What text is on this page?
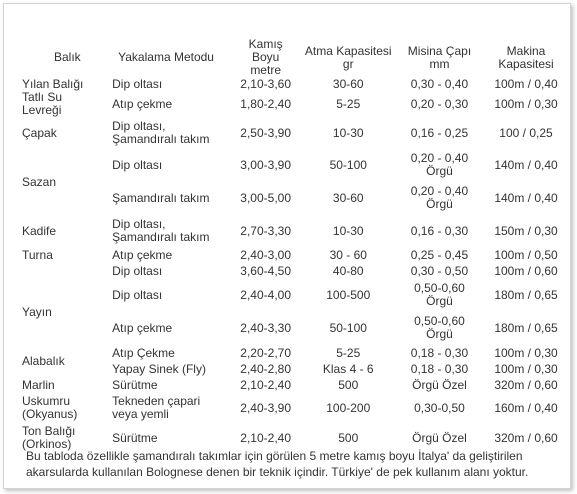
Balık	Yakalama Metodu	Kamış Boyu metre	Atma Kapasitesi gr	Misina Çapı mm	Makina Kapasitesi
Yılan Balığı	Dip oltası	2,10-3,60	30-60	0,30 - 0,40	100m / 0,40
Tatlı Su Levreği	Atıp çekme	1,80-2,40	5-25	0,20 - 0,30	100m / 0,30
Çapak	Dip oltası, Şamandıralı takım	2,50-3,90	10-30	0,16 - 0,25	100 / 0,25
Sazan	Dip oltası	3,00-3,90	50-100	0,20 - 0,40 Örgü	140m / 0,40
	Şamandıralı takım	3,00-5,00	30-60	0,20 - 0,40 Örgü	140m / 0,40
Kadife	Dip oltası, Şamandıralı takım	2,70-3,30	10-30	0,16 - 0,30	150m / 0,30
Turna	Atıp çekme	2,40-3,00	30 - 60	0,25 - 0,45	100m / 0,50
	Dip oltası	3,60-4,50	40-80	0,30 - 0,50	100m / 0,60
Yayın	Dip oltası	2,40-4,00	100-500	0,50-0,60 Örgü	180m / 0,65
	Atıp çekme	2,40-3,30	50-100	0,50-0,60 Örgü	180m / 0,65
Alabalık	Atıp Çekme	2,20-2,70	5-25	0,18 - 0,30	100m / 0,30
	Yapay Sinek (Fly)	2,40-2,80	Klas 4 - 6	0,18 - 0,30	100m / 0,30
Marlin	Sürütme	2,10-2,40	500	Örgü Özel	320m / 0,60
Uskumru (Okyanus)	Tekneden çapari veya yemli	2,40-3,90	100-200	0,30-0,50	160m / 0,40
Ton Balığı (Orkinos)	Sürütme	2,10-2,40	500	Örgü Özel	320m / 0,60

Bu tabloda özellikle şamandıralı takımlar için görülen 5 metre kamış boyu İtalya' da geliştirilen akarsularda kullanılan Bolognese denen bir teknik içindir. Türkiye' de pek kullanım alanı yoktur.
